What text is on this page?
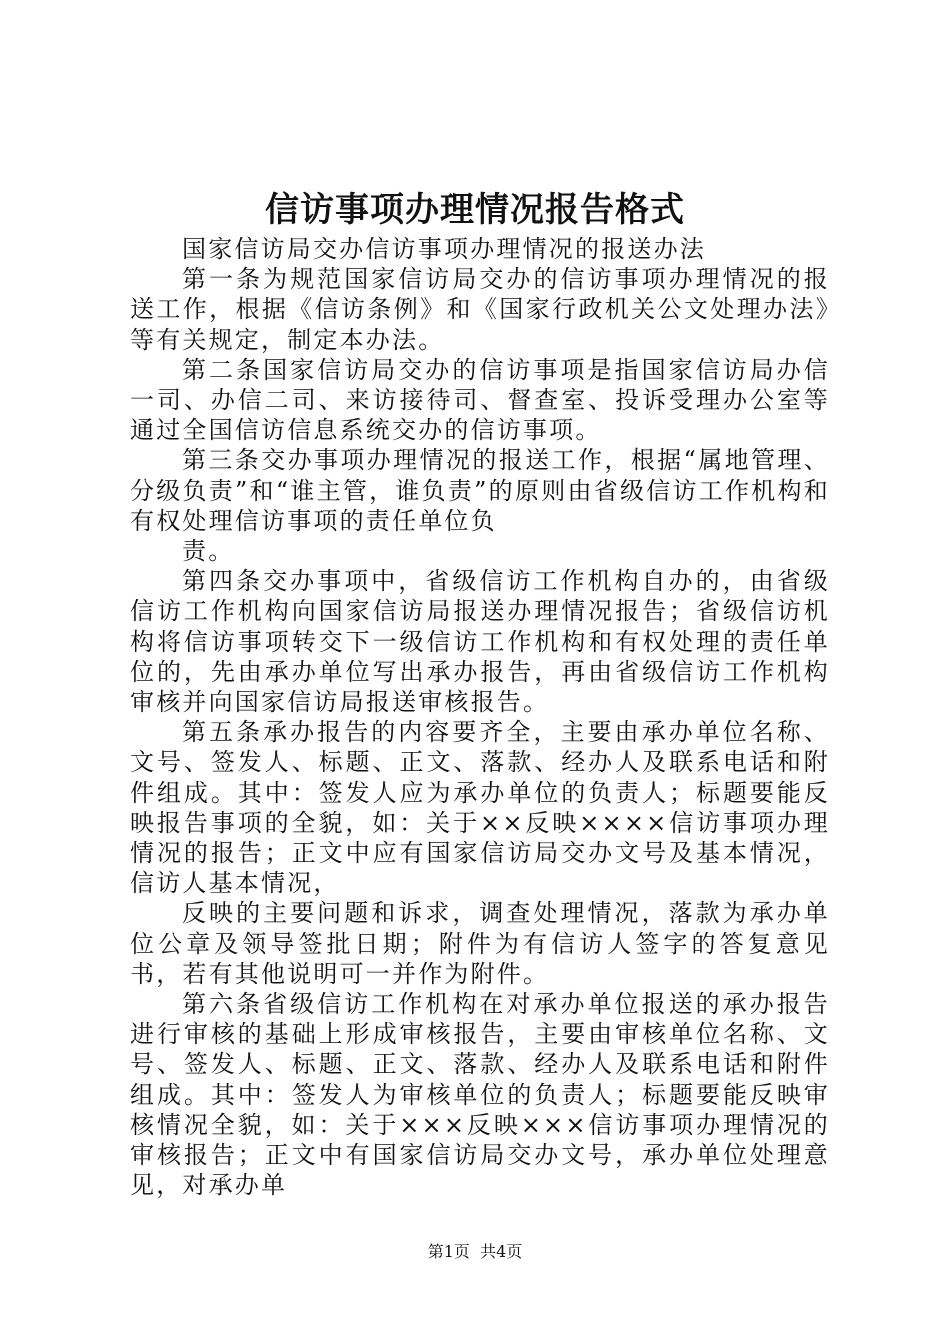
信访事项办理情况报告格式

国家信访局交办信访事项办理情况的报送办法

第一条为规范国家信访局交办的信访事项办理情况的报送工作，根据《信访条例》和《国家行政机关公文处理办法》等有关规定，制定本办法。

第二条国家信访局交办的信访事项是指国家信访局办信一司、办信二司、来访接待司、督查室、投诉受理办公室等通过全国信访信息系统交办的信访事项。

第三条交办事项办理情况的报送工作，根据“属地管理、分级负责”和“谁主管，谁负责”的原则由省级信访工作机构和有权处理信访事项的责任单位负

责。

第四条交办事项中，省级信访工作机构自办的，由省级信访工作机构向国家信访局报送办理情况报告；省级信访机构将信访事项转交下一级信访工作机构和有权处理的责任单位的，先由承办单位写出承办报告，再由省级信访工作机构审核并向国家信访局报送审核报告。

第五条承办报告的内容要齐全，主要由承办单位名称、文号、签发人、标题、正文、落款、经办人及联系电话和附件组成。其中：签发人应为承办单位的负责人；标题要能反映报告事项的全貌，如：关于××反映××××信访事项办理情况的报告；正文中应有国家信访局交办文号及基本情况，信访人基本情况，

反映的主要问题和诉求，调查处理情况，落款为承办单位公章及领导签批日期；附件为有信访人签字的答复意见书，若有其他说明可一并作为附件。

第六条省级信访工作机构在对承办单位报送的承办报告进行审核的基础上形成审核报告，主要由审核单位名称、文号、签发人、标题、正文、落款、经办人及联系电话和附件组成。其中：签发人为审核单位的负责人；标题要能反映审核情况全貌，如：关于×××反映×××信访事项办理情况的审核报告；正文中有国家信访局交办文号，承办单位处理意见，对承办单

第1页 共4页
